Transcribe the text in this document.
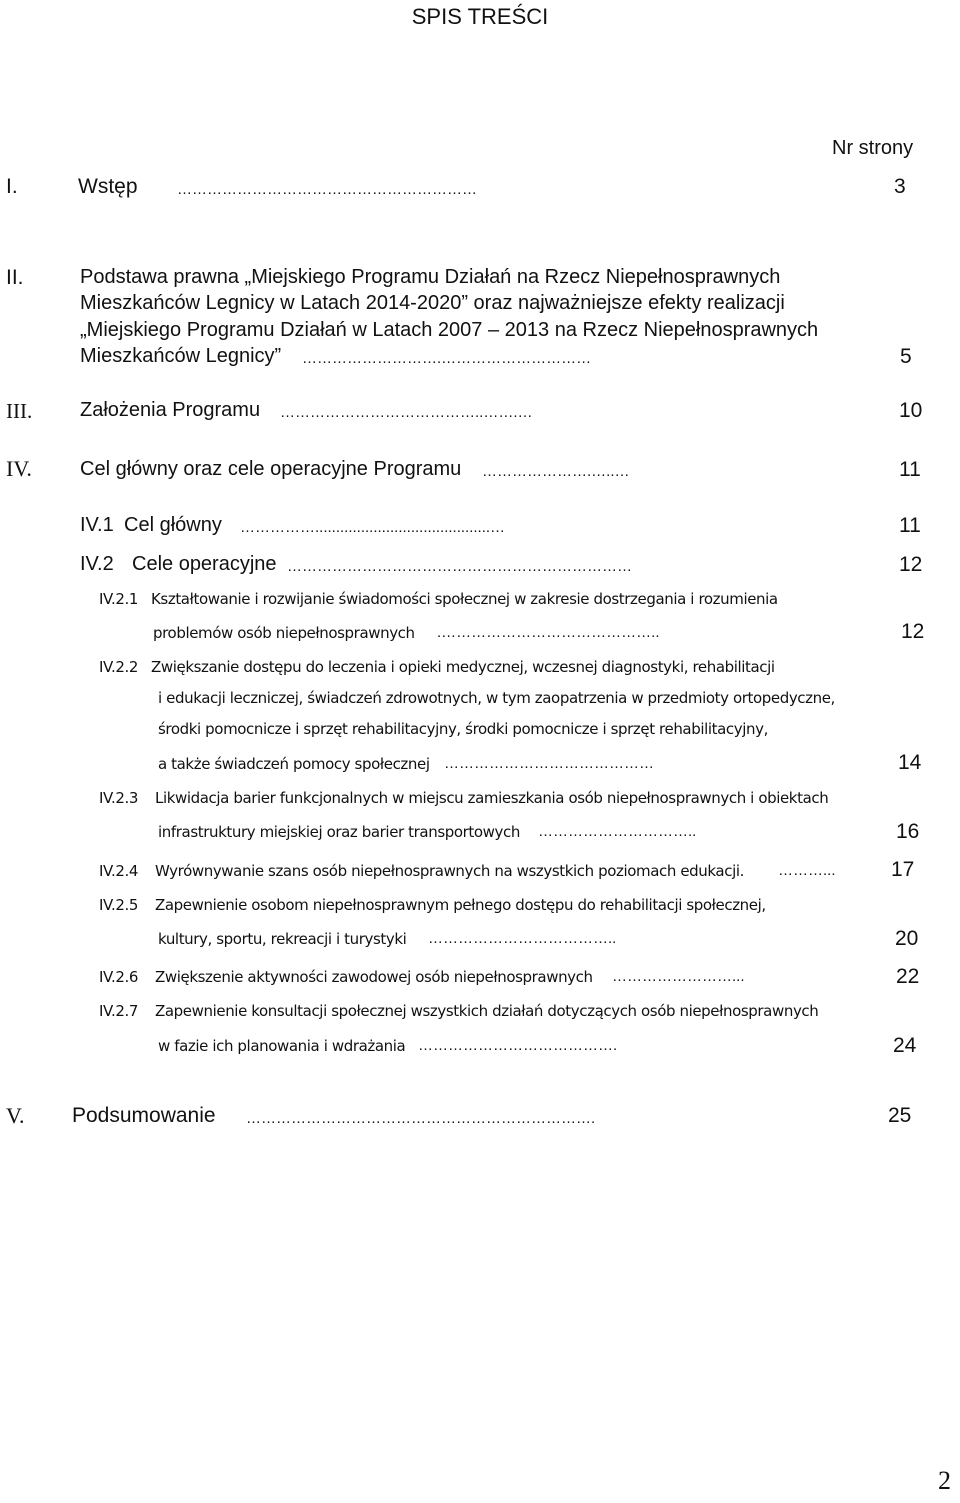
SPIS TREŚCI
Nr strony
I.	Wstęp	……………………………………………………	3
II.	Podstawa prawna „Miejskiego Programu Działań na Rzecz Niepełnosprawnych
Mieszkańców Legnicy w Latach 2014-2020” oraz najważniejsze efekty realizacji
„Miejskiego Programu Działań w Latach 2007 – 2013 na Rzecz Niepełnosprawnych
Mieszkańców Legnicy” ……………………….…………………………	5
III. Założenia Programu …………………………………..…….…	10
IV. Cel główny oraz cele operacyjne Programu ………………….…..…	11
IV.1 Cel główny ……………..........................................…	11
IV.2 Cele operacyjne ……………………………………………………………	12
IV.2.1 Kształtowanie i rozwijanie świadomości społecznej w zakresie dostrzegania i rozumienia
problemów osób niepełnosprawnych .……………………………………..	12
IV.2.2 Zwiększanie dostępu do leczenia i opieki medycznej, wczesnej diagnostyki, rehabilitacji
i edukacji leczniczej, świadczeń zdrowotnych, w tym zaopatrzenia w przedmioty ortopedyczne,
środki pomocnicze i sprzęt rehabilitacyjny, środki pomocnicze i sprzęt rehabilitacyjny,
a także świadczeń pomocy społecznej ……………………………………	14
IV.2.3 Likwidacja barier funkcjonalnych w miejscu zamieszkania osób niepełnosprawnych i obiektach
infrastruktury miejskiej oraz barier transportowych …………………………..	16
IV.2.4 Wyrównywanie szans osób niepełnosprawnych na wszystkich poziomach edukacji. ………...	17
IV.2.5 Zapewnienie osobom niepełnosprawnym pełnego dostępu do rehabilitacji społecznej,
kultury, sportu, rekreacji i turystyki ………………………………..	20
IV.2.6 Zwiększenie aktywności zawodowej osób niepełnosprawnych ……………………...	22
IV.2.7 Zapewnienie konsultacji społecznej wszystkich działań dotyczących osób niepełnosprawnych
w fazie ich planowania i wdrażania ………………………………….	24
V. Podsumowanie …………………………………………………………….	25
2
